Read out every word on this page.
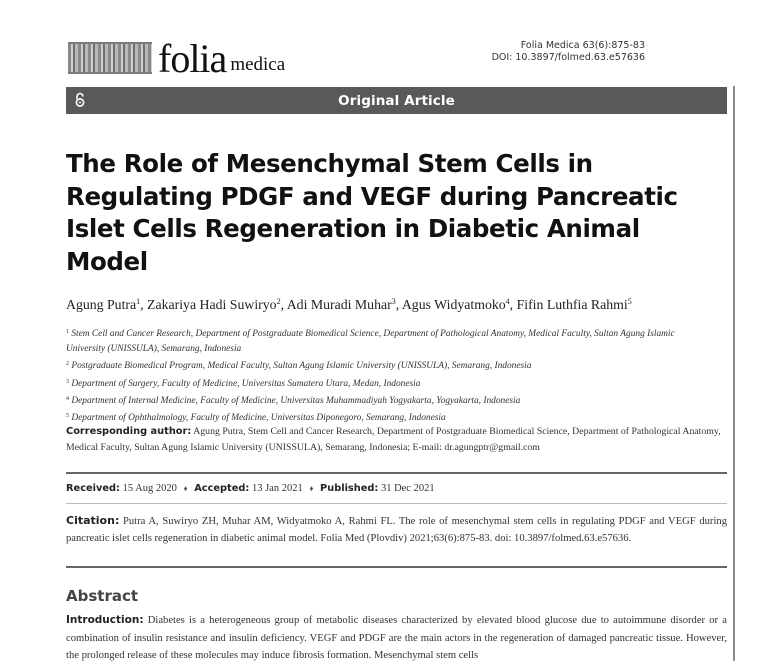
folia medica
Folia Medica 63(6):875-83
DOI: 10.3897/folmed.63.e57636
Original Article
The Role of Mesenchymal Stem Cells in Regulating PDGF and VEGF during Pancreatic Islet Cells Regeneration in Diabetic Animal Model
Agung Putra$^1$, Zakariya Hadi Suwiryo$^2$, Adi Muradi Muhar$^3$, Agus Widyatmoko$^4$, Fifin Luthfia Rahmi$^5$

$^1$ Stem Cell and Cancer Research, Department of Postgraduate Biomedical Science, Department of Pathological Anatomy, Medical Faculty, Sultan Agung Islamic University (UNISSULA), Semarang, Indonesia

$^2$ Postgraduate Biomedical Program, Medical Faculty, Sultan Agung Islamic University (UNISSULA), Semarang, Indonesia

$^3$ Department of Surgery, Faculty of Medicine, Universitas Sumatera Utara, Medan, Indonesia

$^4$ Department of Internal Medicine, Faculty of Medicine, Universitas Muhammadiyah Yogyakarta, Yogyakarta, Indonesia

$^5$ Department of Ophthalmology, Faculty of Medicine, Universitas Diponegoro, Semarang, Indonesia

Corresponding author: Agung Putra, Stem Cell and Cancer Research, Department of Postgraduate Biomedical Science, Department of Pathological Anatomy, Medical Faculty, Sultan Agung Islamic University (UNISSULA), Semarang, Indonesia; E-mail: dr.agungptr@gmail.com
Received: 15 Aug 2020 ♦ Accepted: 13 Jan 2021 ♦ Published: 31 Dec 2021
Citation: Putra A, Suwiryo ZH, Muhar AM, Widyatmoko A, Rahmi FL. The role of mesenchymal stem cells in regulating PDGF and VEGF during pancreatic islet cells regeneration in diabetic animal model. Folia Med (Plovdiv) 2021;63(6):875-83. doi: 10.3897/folmed.63.e57636.
Abstract
Introduction: Diabetes is a heterogeneous group of metabolic diseases characterized by elevated blood glucose due to autoimmune disorder or a combination of insulin resistance and insulin deficiency. VEGF and PDGF are the main actors in the regeneration of damaged pancreatic tissue. However, the prolonged release of these molecules may induce fibrosis formation. Mesenchymal stem cells
